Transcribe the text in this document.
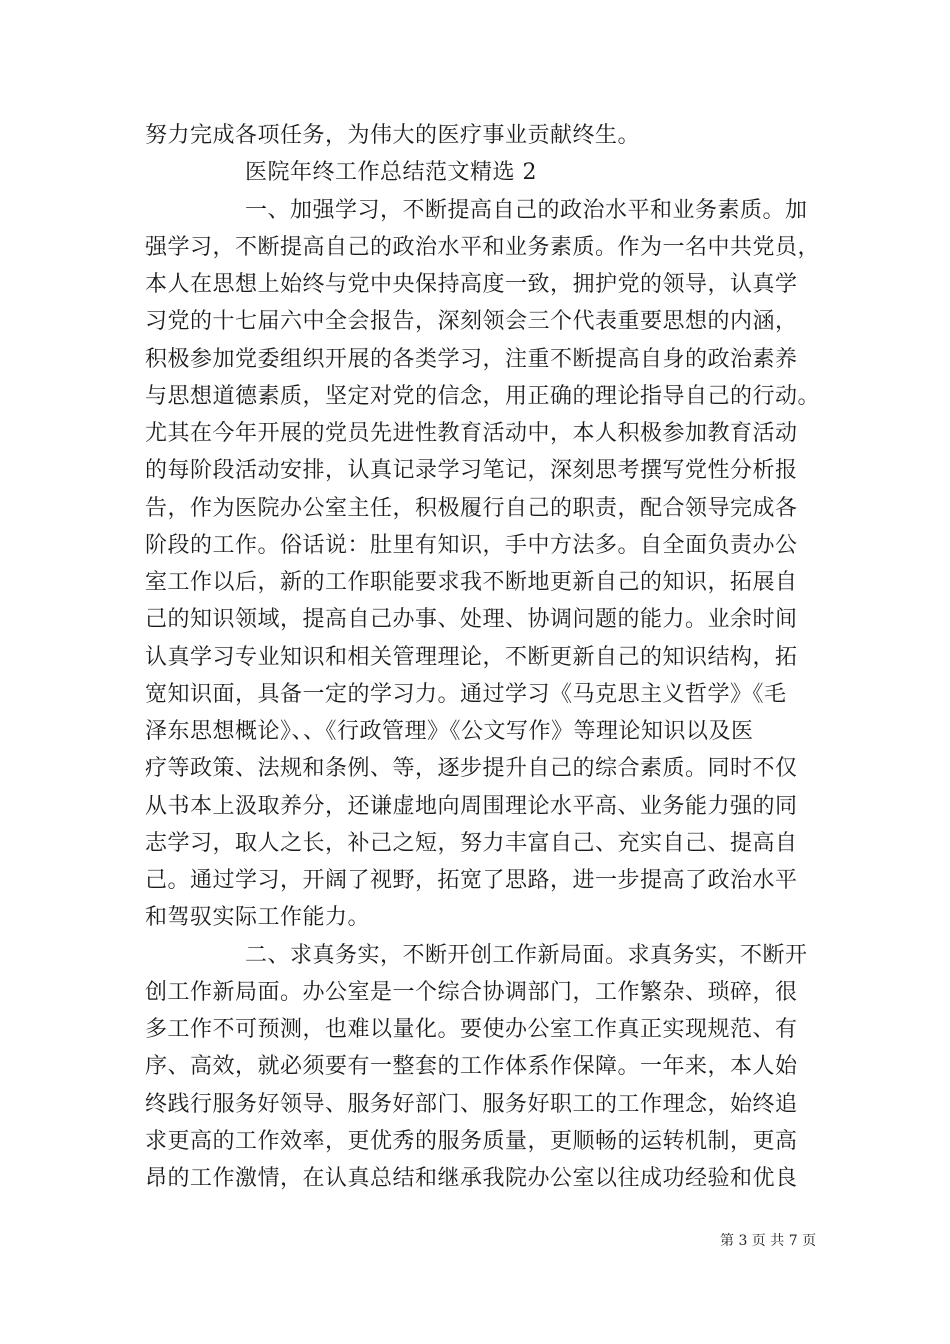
努力完成各项任务，为伟大的医疗事业贡献终生。
医院年终工作总结范文精选 2
一、加强学习，不断提高自己的政治水平和业务素质。加
强学习，不断提高自己的政治水平和业务素质。作为一名中共党员，
本人在思想上始终与党中央保持高度一致，拥护党的领导，认真学
习党的十七届六中全会报告，深刻领会三个代表重要思想的内涵，
积极参加党委组织开展的各类学习，注重不断提高自身的政治素养
与思想道德素质，坚定对党的信念，用正确的理论指导自己的行动。
尤其在今年开展的党员先进性教育活动中，本人积极参加教育活动
的每阶段活动安排，认真记录学习笔记，深刻思考撰写党性分析报
告，作为医院办公室主任，积极履行自己的职责，配合领导完成各
阶段的工作。俗话说：肚里有知识，手中方法多。自全面负责办公
室工作以后，新的工作职能要求我不断地更新自己的知识，拓展自
己的知识领域，提高自己办事、处理、协调问题的能力。业余时间
认真学习专业知识和相关管理理论，不断更新自己的知识结构，拓
宽知识面，具备一定的学习力。通过学习《马克思主义哲学》《毛
泽东思想概论》、、《行政管理》《公文写作》等理论知识以及医
疗等政策、法规和条例、等，逐步提升自己的综合素质。同时不仅
从书本上汲取养分，还谦虚地向周围理论水平高、业务能力强的同
志学习，取人之长，补己之短，努力丰富自己、充实自己、提高自
己。通过学习，开阔了视野，拓宽了思路，进一步提高了政治水平
和驾驭实际工作能力。
二、求真务实，不断开创工作新局面。求真务实，不断开
创工作新局面。办公室是一个综合协调部门，工作繁杂、琐碎，很
多工作不可预测，也难以量化。要使办公室工作真正实现规范、有
序、高效，就必须要有一整套的工作体系作保障。一年来，本人始
终践行服务好领导、服务好部门、服务好职工的工作理念，始终追
求更高的工作效率，更优秀的服务质量，更顺畅的运转机制，更高
昂的工作激情，在认真总结和继承我院办公室以往成功经验和优良
第 3 页 共 7 页
